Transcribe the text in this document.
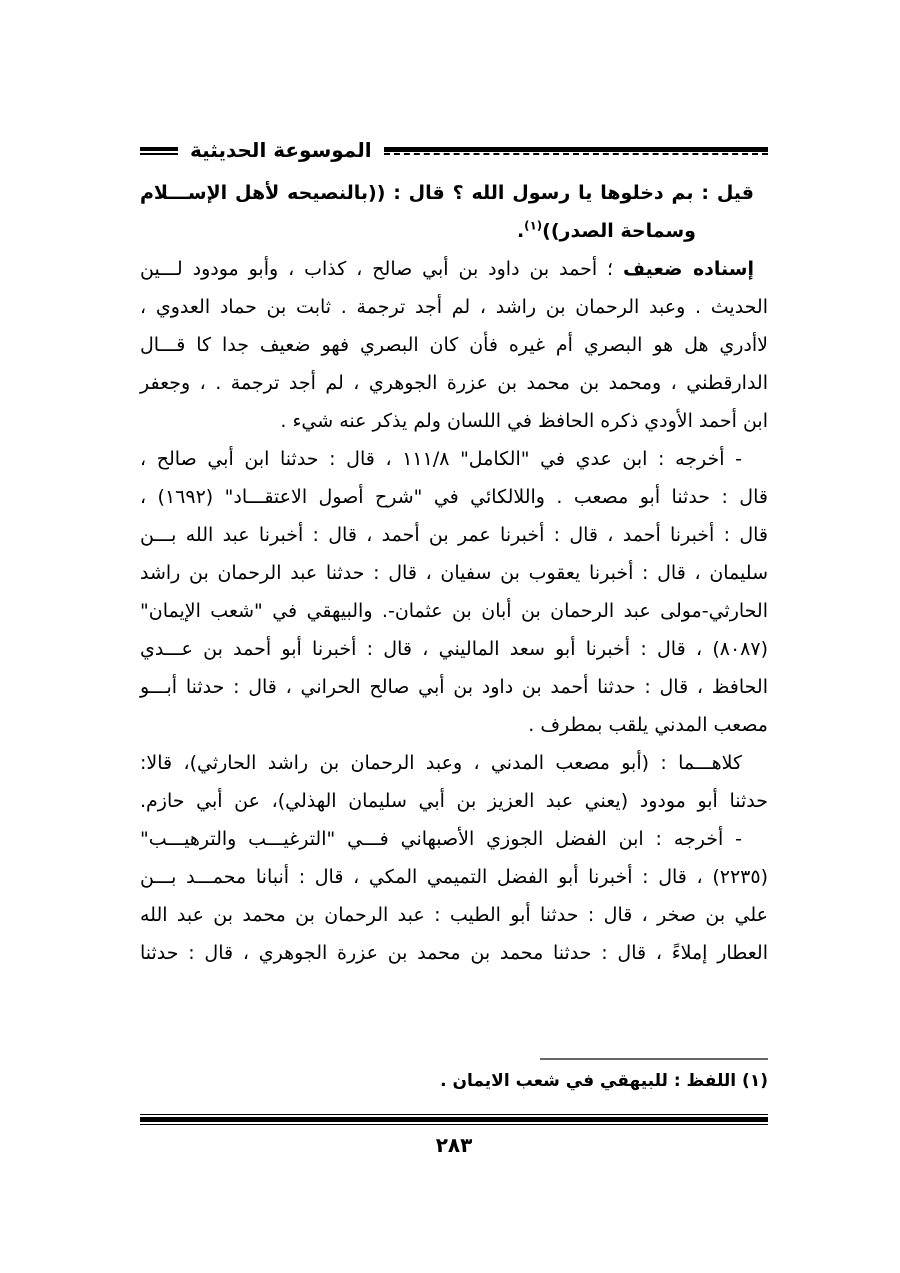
الموسوعة الحديثية
قيل : بم دخلوها يا رسول الله ؟ قال : ((بالنصيحه لأهل الإســـلام
وسماحة الصدر))$^{(١)}$.
إسناده ضعيف ؛ أحمد بن داود بن أبي صالح ، كذاب ، وأبو مودود لـــين
الحديث . وعبد الرحمان بن راشد ، لم أجد ترجمة . ثابت بن حماد العدوي ،
لاأدري هل هو البصري أم غيره فأن كان البصري فهو ضعيف جدا كا قـــال
الدارقطني ، ومحمد بن محمد بن عزرة الجوهري ، لم أجد ترجمة . ، وجعفر
ابن أحمد الأودي ذكره الحافظ في اللسان ولم يذكر عنه شيء .
- أخرجه : ابن عدي في "الكامل" ١١١/٨ ، قال : حدثنا ابن أبي صالح ،
قال : حدثنا أبو مصعب . واللالكائي في "شرح أصول الاعتقـــاد" (١٦٩٢) ،
قال : أخبرنا أحمد ، قال : أخبرنا عمر بن أحمد ، قال : أخبرنا عبد الله بـــن
سليمان ، قال : أخبرنا يعقوب بن سفيان ، قال : حدثنا عبد الرحمان بن راشد
الحارثي-مولى عبد الرحمان بن أبان بن عثمان-. والبيهقي في "شعب الإيمان"
(٨٠٨٧) ، قال : أخبرنا أبو سعد الماليني ، قال : أخبرنا أبو أحمد بن عـــدي
الحافظ ، قال : حدثنا أحمد بن داود بن أبي صالح الحراني ، قال : حدثنا أبـــو
مصعب المدني يلقب بمطرف .
كلاهـــما : (أبو مصعب المدني ، وعبد الرحمان بن راشد الحارثي)، قالا:
حدثنا أبو مودود (يعني عبد العزيز بن أبي سليمان الهذلي)، عن أبي حازم.
- أخرجه : ابن الفضل الجوزي الأصبهاني فـــي "الترغيـــب والترهيـــب"
(٢٢٣٥) ، قال : أخبرنا أبو الفضل التميمي المكي ، قال : أنبانا محمـــد بـــن
علي بن صخر ، قال : حدثنا أبو الطيب : عبد الرحمان بن محمد بن عبد الله
العطار إملاءً ، قال : حدثنا محمد بن محمد بن عزرة الجوهري ، قال : حدثنا
(١) اللفظ : للبيهقي في شعب الايمان .
٢٨٣
